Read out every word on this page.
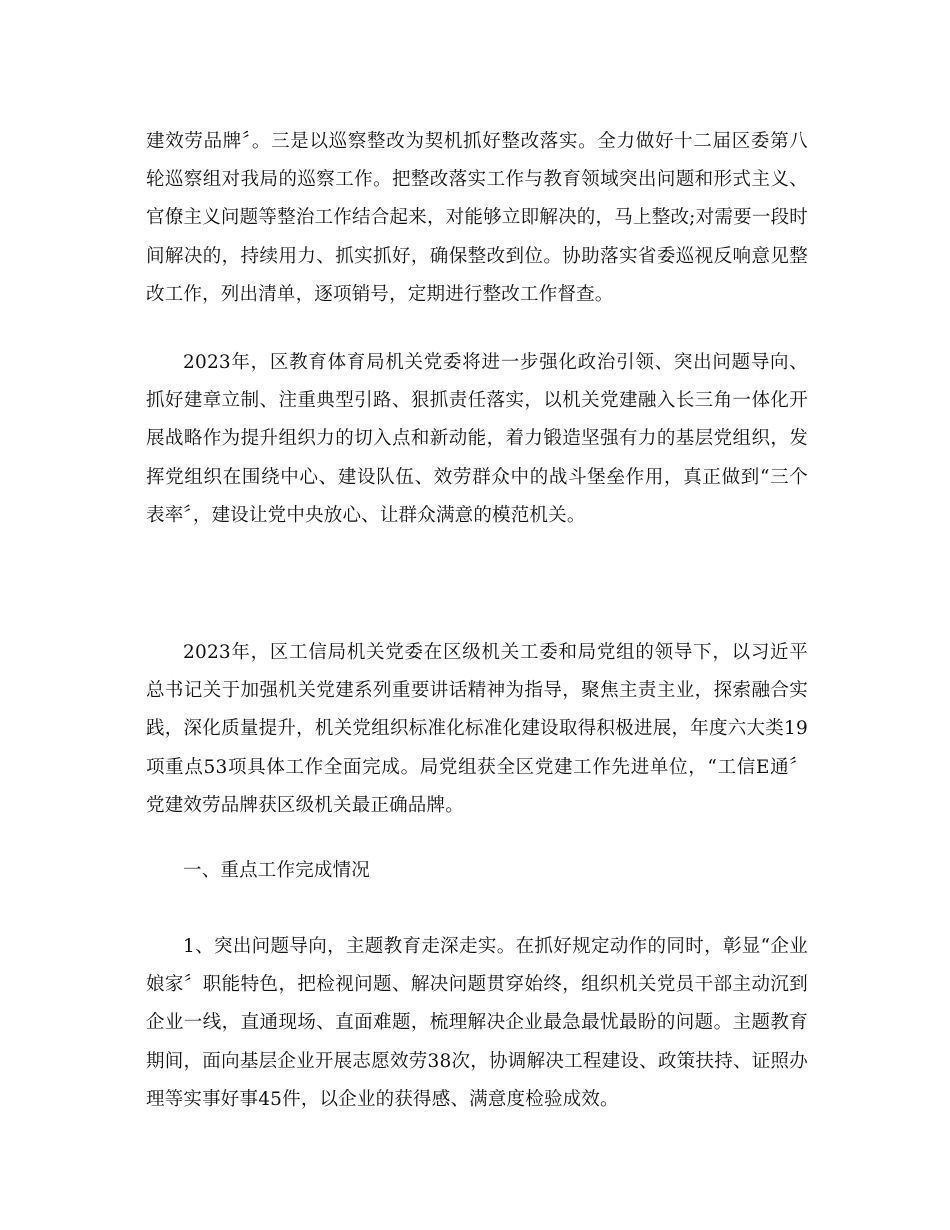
建效劳品牌〞。三是以巡察整改为契机抓好整改落实。全力做好十二届区委第八轮巡察组对我局的巡察工作。把整改落实工作与教育领域突出问题和形式主义、官僚主义问题等整治工作结合起来，对能够立即解决的，马上整改;对需要一段时间解决的，持续用力、抓实抓好，确保整改到位。协助落实省委巡视反响意见整改工作，列出清单，逐项销号，定期进行整改工作督查。

2023年，区教育体育局机关党委将进一步强化政治引领、突出问题导向、抓好建章立制、注重典型引路、狠抓责任落实，以机关党建融入长三角一体化开展战略作为提升组织力的切入点和新动能，着力锻造坚强有力的基层党组织，发挥党组织在围绕中心、建设队伍、效劳群众中的战斗堡垒作用，真正做到“三个表率〞，建设让党中央放心、让群众满意的模范机关。

2023年，区工信局机关党委在区级机关工委和局党组的领导下，以习近平总书记关于加强机关党建系列重要讲话精神为指导，聚焦主责主业，探索融合实践，深化质量提升，机关党组织标准化标准化建设取得积极进展，年度六大类19项重点53项具体工作全面完成。局党组获全区党建工作先进单位，“工信E通〞党建效劳品牌获区级机关最正确品牌。

一、重点工作完成情况

1、突出问题导向，主题教育走深走实。在抓好规定动作的同时，彰显“企业娘家〞职能特色，把检视问题、解决问题贯穿始终，组织机关党员干部主动沉到企业一线，直通现场、直面难题，梳理解决企业最急最忧最盼的问题。主题教育期间，面向基层企业开展志愿效劳38次，协调解决工程建设、政策扶持、证照办理等实事好事45件，以企业的获得感、满意度检验成效。
